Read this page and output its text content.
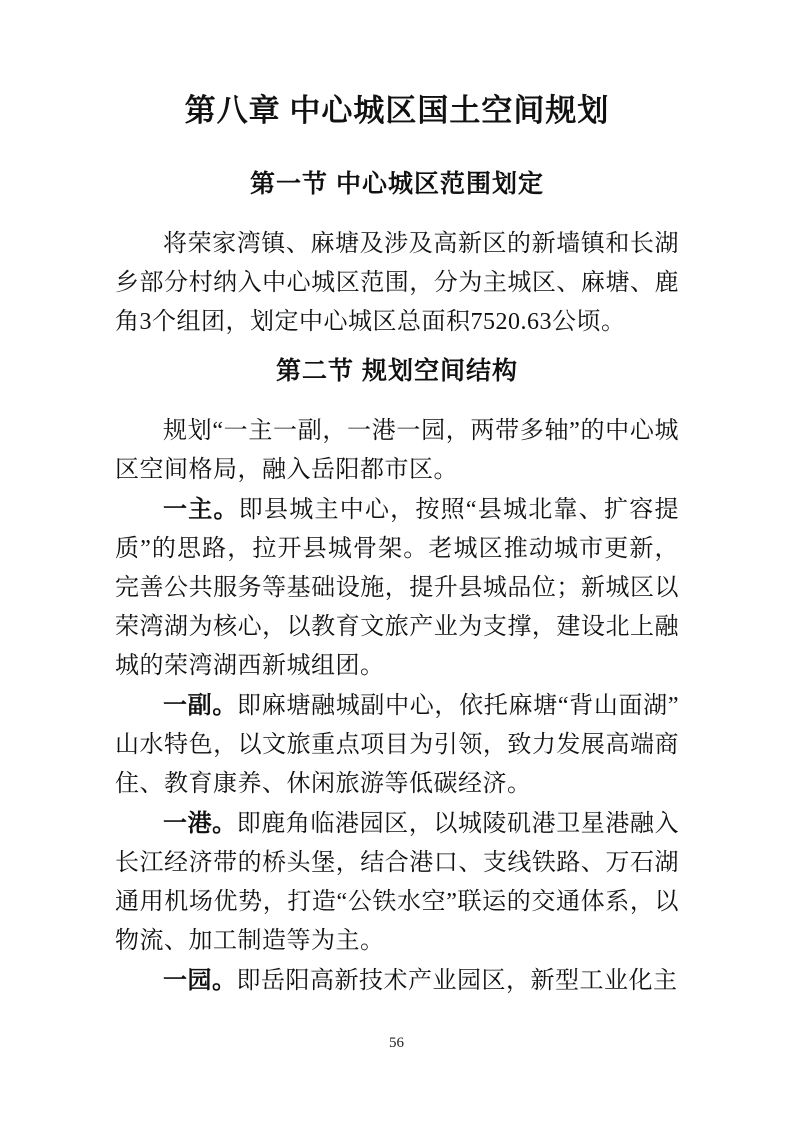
第八章 中心城区国土空间规划
第一节 中心城区范围划定

将荣家湾镇、麻塘及涉及高新区的新墙镇和长湖乡部分村纳入中心城区范围，分为主城区、麻塘、鹿角3个组团，划定中心城区总面积7520.63公顷。

第二节 规划空间结构

规划“一主一副，一港一园，两带多轴”的中心城区空间格局，融入岳阳都市区。

一主。即县城主中心，按照“县城北靠、扩容提质”的思路，拉开县城骨架。老城区推动城市更新，完善公共服务等基础设施，提升县城品位；新城区以荣湾湖为核心，以教育文旅产业为支撑，建设北上融城的荣湾湖西新城组团。

一副。即麻塘融城副中心，依托麻塘“背山面湖”山水特色，以文旅重点项目为引领，致力发展高端商住、教育康养、休闲旅游等低碳经济。

一港。即鹿角临港园区，以城陵矶港卫星港融入长江经济带的桥头堡，结合港口、支线铁路、万石湖通用机场优势，打造“公铁水空”联运的交通体系，以物流、加工制造等为主。

一园。即岳阳高新技术产业园区，新型工业化主

56
